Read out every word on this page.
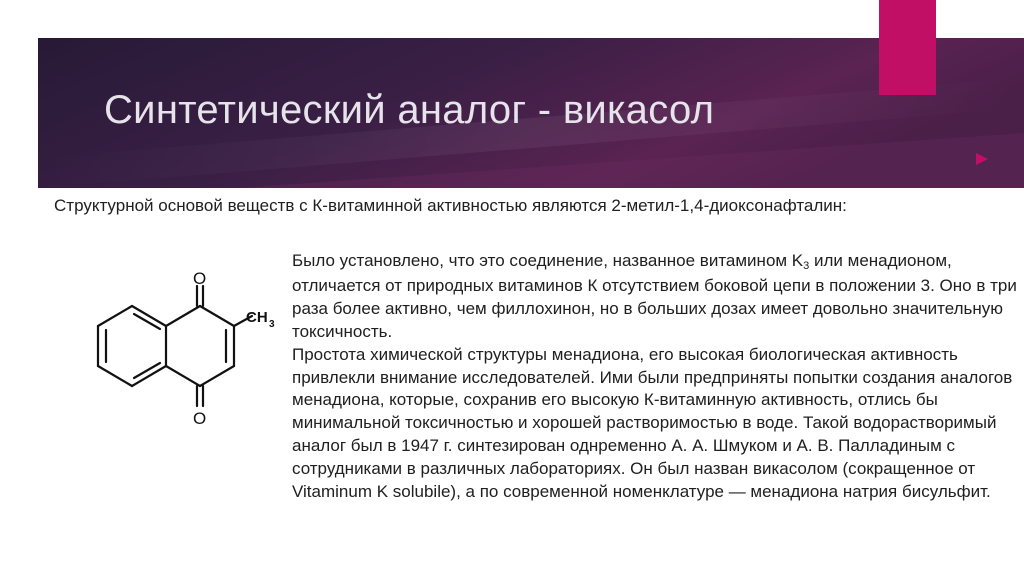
Синтетический аналог - викасол
Структурной основой веществ с К-витаминной активностью являются 2-метил-1,4-диоксонафталин:
O
O
CH 3

Было установлено, что это соединение, названное витамином K3 или менадионом, отличается от природных витаминов К отсутствием боковой цепи в положении 3. Оно в три раза более активно, чем филлохинон, но в больших дозах имеет довольно значительную токсичность.

Простота химической структуры менадиона, его высокая биологическая активность привлекли внимание исследователей. Ими были предприняты попытки создания аналогов менадиона, которые, сохранив его высокую К-витаминную активность, отлись бы минимальной токсичностью и хорошей растворимостью в воде. Такой водорастворимый аналог был в 1947 г. синтезирован однременно А. А. Шмуком и А. В. Палладиным с сотрудниками в различных лабораториях. Он был назван викасолом (сокращенное от Vitaminum K solubile), а по современной номенклатуре — менадиона натрия бисульфит.
